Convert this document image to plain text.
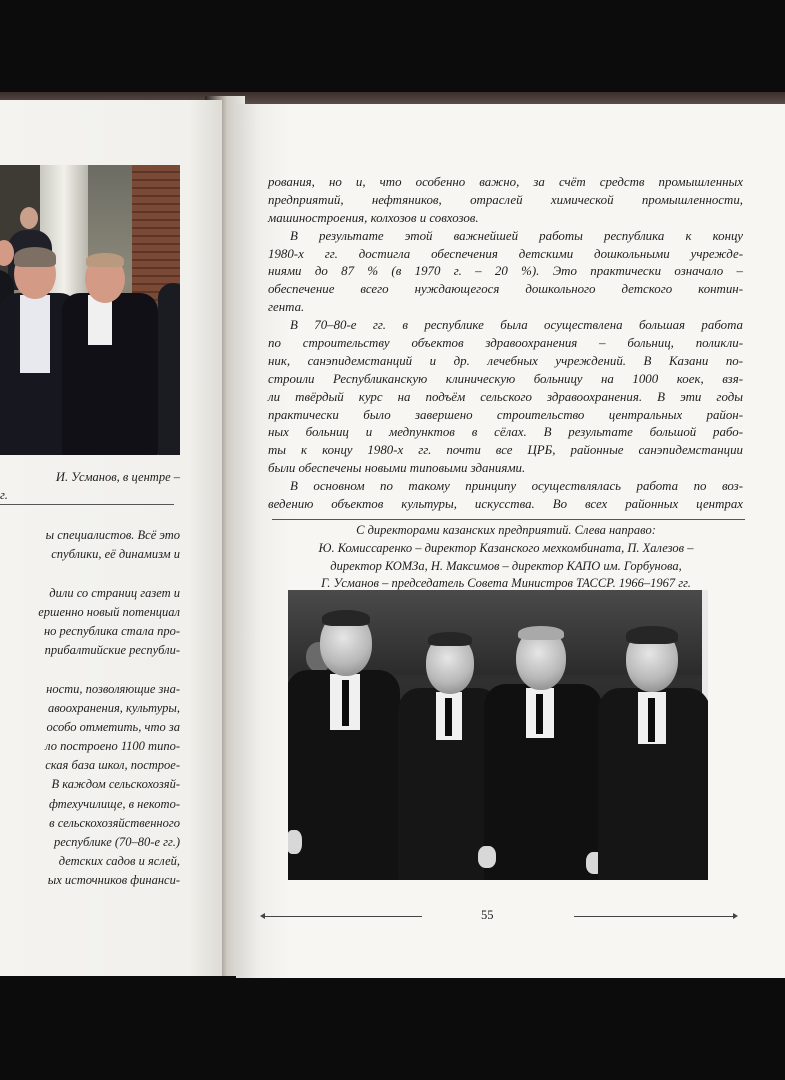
И. Усманов, в центре –
г.
ы специалистов. Всё это
спублики, её динамизм и
дили со страниц газет и
ершенно новый потенциал
но республика стала про-
прибалтийские республи-
ности, позволяющие зна-
авоохранения, культуры,
особо отметить, что за
ло построено 1100 типо-
ская база школ, построе-
В каждом сельскохозяй-
фтехучилище, в некото-
в сельскохозяйственного
республике (70–80-е гг.)
детских садов и яслей,
ых источников финанси-
рования, но и, что особенно важно, за счёт средств промышленных
предприятий, нефтяников, отраслей химической промышленности,
машиностроения, колхозов и совхозов.
В результате этой важнейшей работы республика к концу
1980-х гг. достигла обеспечения детскими дошкольными учрежде-
ниями до 87 % (в 1970 г. – 20 %). Это практически означало –
обеспечение всего нуждающегося дошкольного детского контин-
гента.
В 70–80-е гг. в республике была осуществлена большая работа
по строительству объектов здравоохранения – больниц, поликли-
ник, санэпидемстанций и др. лечебных учреждений. В Казани по-
строили Республиканскую клиническую больницу на 1000 коек, взя-
ли твёрдый курс на подъём сельского здравоохранения. В эти годы
практически было завершено строительство центральных район-
ных больниц и медпунктов в сёлах. В результате большой рабо-
ты к концу 1980-х гг. почти все ЦРБ, районные санэпидемстанции
были обеспечены новыми типовыми зданиями.
В основном по такому принципу осуществлялась работа по воз-
ведению объектов культуры, искусства. Во всех районных центрах
С директорами казанских предприятий. Слева направо:
Ю. Комиссаренко – директор Казанского мехкомбината, П. Халезов –
директор КОМЗа, Н. Максимов – директор КАПО им. Горбунова,
Г. Усманов – председатель Совета Министров ТАССР. 1966–1967 гг.
55
